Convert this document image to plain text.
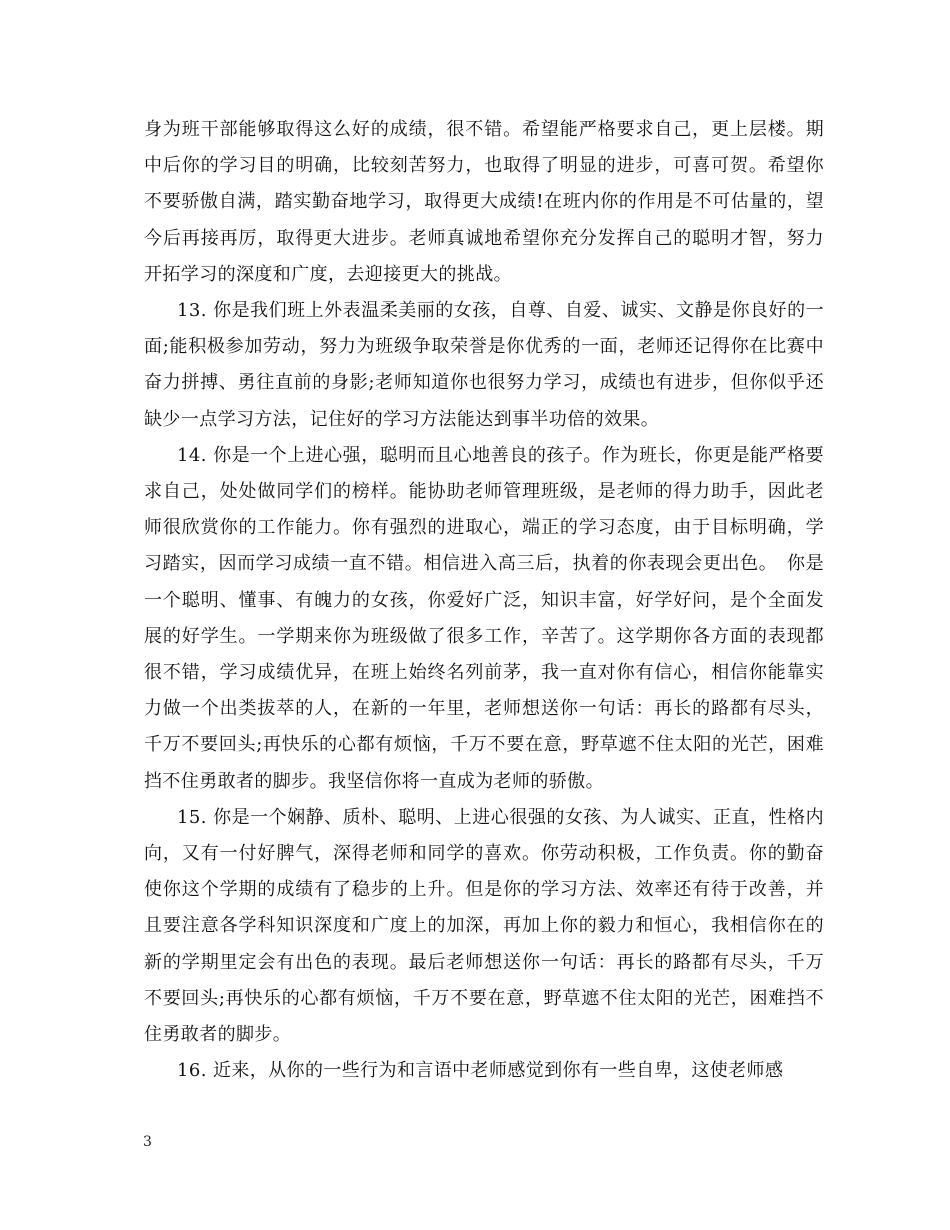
身为班干部能够取得这么好的成绩，很不错。希望能严格要求自己，更上层楼。期中后你的学习目的明确，比较刻苦努力，也取得了明显的进步，可喜可贺。希望你不要骄傲自满，踏实勤奋地学习，取得更大成绩!在班内你的作用是不可估量的，望今后再接再厉，取得更大进步。老师真诚地希望你充分发挥自己的聪明才智，努力开拓学习的深度和广度，去迎接更大的挑战。

13. 你是我们班上外表温柔美丽的女孩，自尊、自爱、诚实、文静是你良好的一面;能积极参加劳动，努力为班级争取荣誉是你优秀的一面，老师还记得你在比赛中奋力拼搏、勇往直前的身影;老师知道你也很努力学习，成绩也有进步，但你似乎还缺少一点学习方法，记住好的学习方法能达到事半功倍的效果。

14. 你是一个上进心强，聪明而且心地善良的孩子。作为班长，你更是能严格要求自己，处处做同学们的榜样。能协助老师管理班级，是老师的得力助手，因此老师很欣赏你的工作能力。你有强烈的进取心，端正的学习态度，由于目标明确，学习踏实，因而学习成绩一直不错。相信进入高三后，执着的你表现会更出色。　你是一个聪明、懂事、有魄力的女孩，你爱好广泛，知识丰富，好学好问，是个全面发展的好学生。一学期来你为班级做了很多工作，辛苦了。这学期你各方面的表现都很不错，学习成绩优异，在班上始终名列前茅，我一直对你有信心，相信你能靠实力做一个出类拔萃的人，在新的一年里，老师想送你一句话：再长的路都有尽头，千万不要回头;再快乐的心都有烦恼，千万不要在意，野草遮不住太阳的光芒，困难挡不住勇敢者的脚步。我坚信你将一直成为老师的骄傲。

15. 你是一个娴静、质朴、聪明、上进心很强的女孩、为人诚实、正直，性格内向，又有一付好脾气，深得老师和同学的喜欢。你劳动积极，工作负责。你的勤奋使你这个学期的成绩有了稳步的上升。但是你的学习方法、效率还有待于改善，并且要注意各学科知识深度和广度上的加深，再加上你的毅力和恒心，我相信你在的新的学期里定会有出色的表现。最后老师想送你一句话：再长的路都有尽头，千万不要回头;再快乐的心都有烦恼，千万不要在意，野草遮不住太阳的光芒，困难挡不住勇敢者的脚步。

16. 近来，从你的一些行为和言语中老师感觉到你有一些自卑，这使老师感

3
